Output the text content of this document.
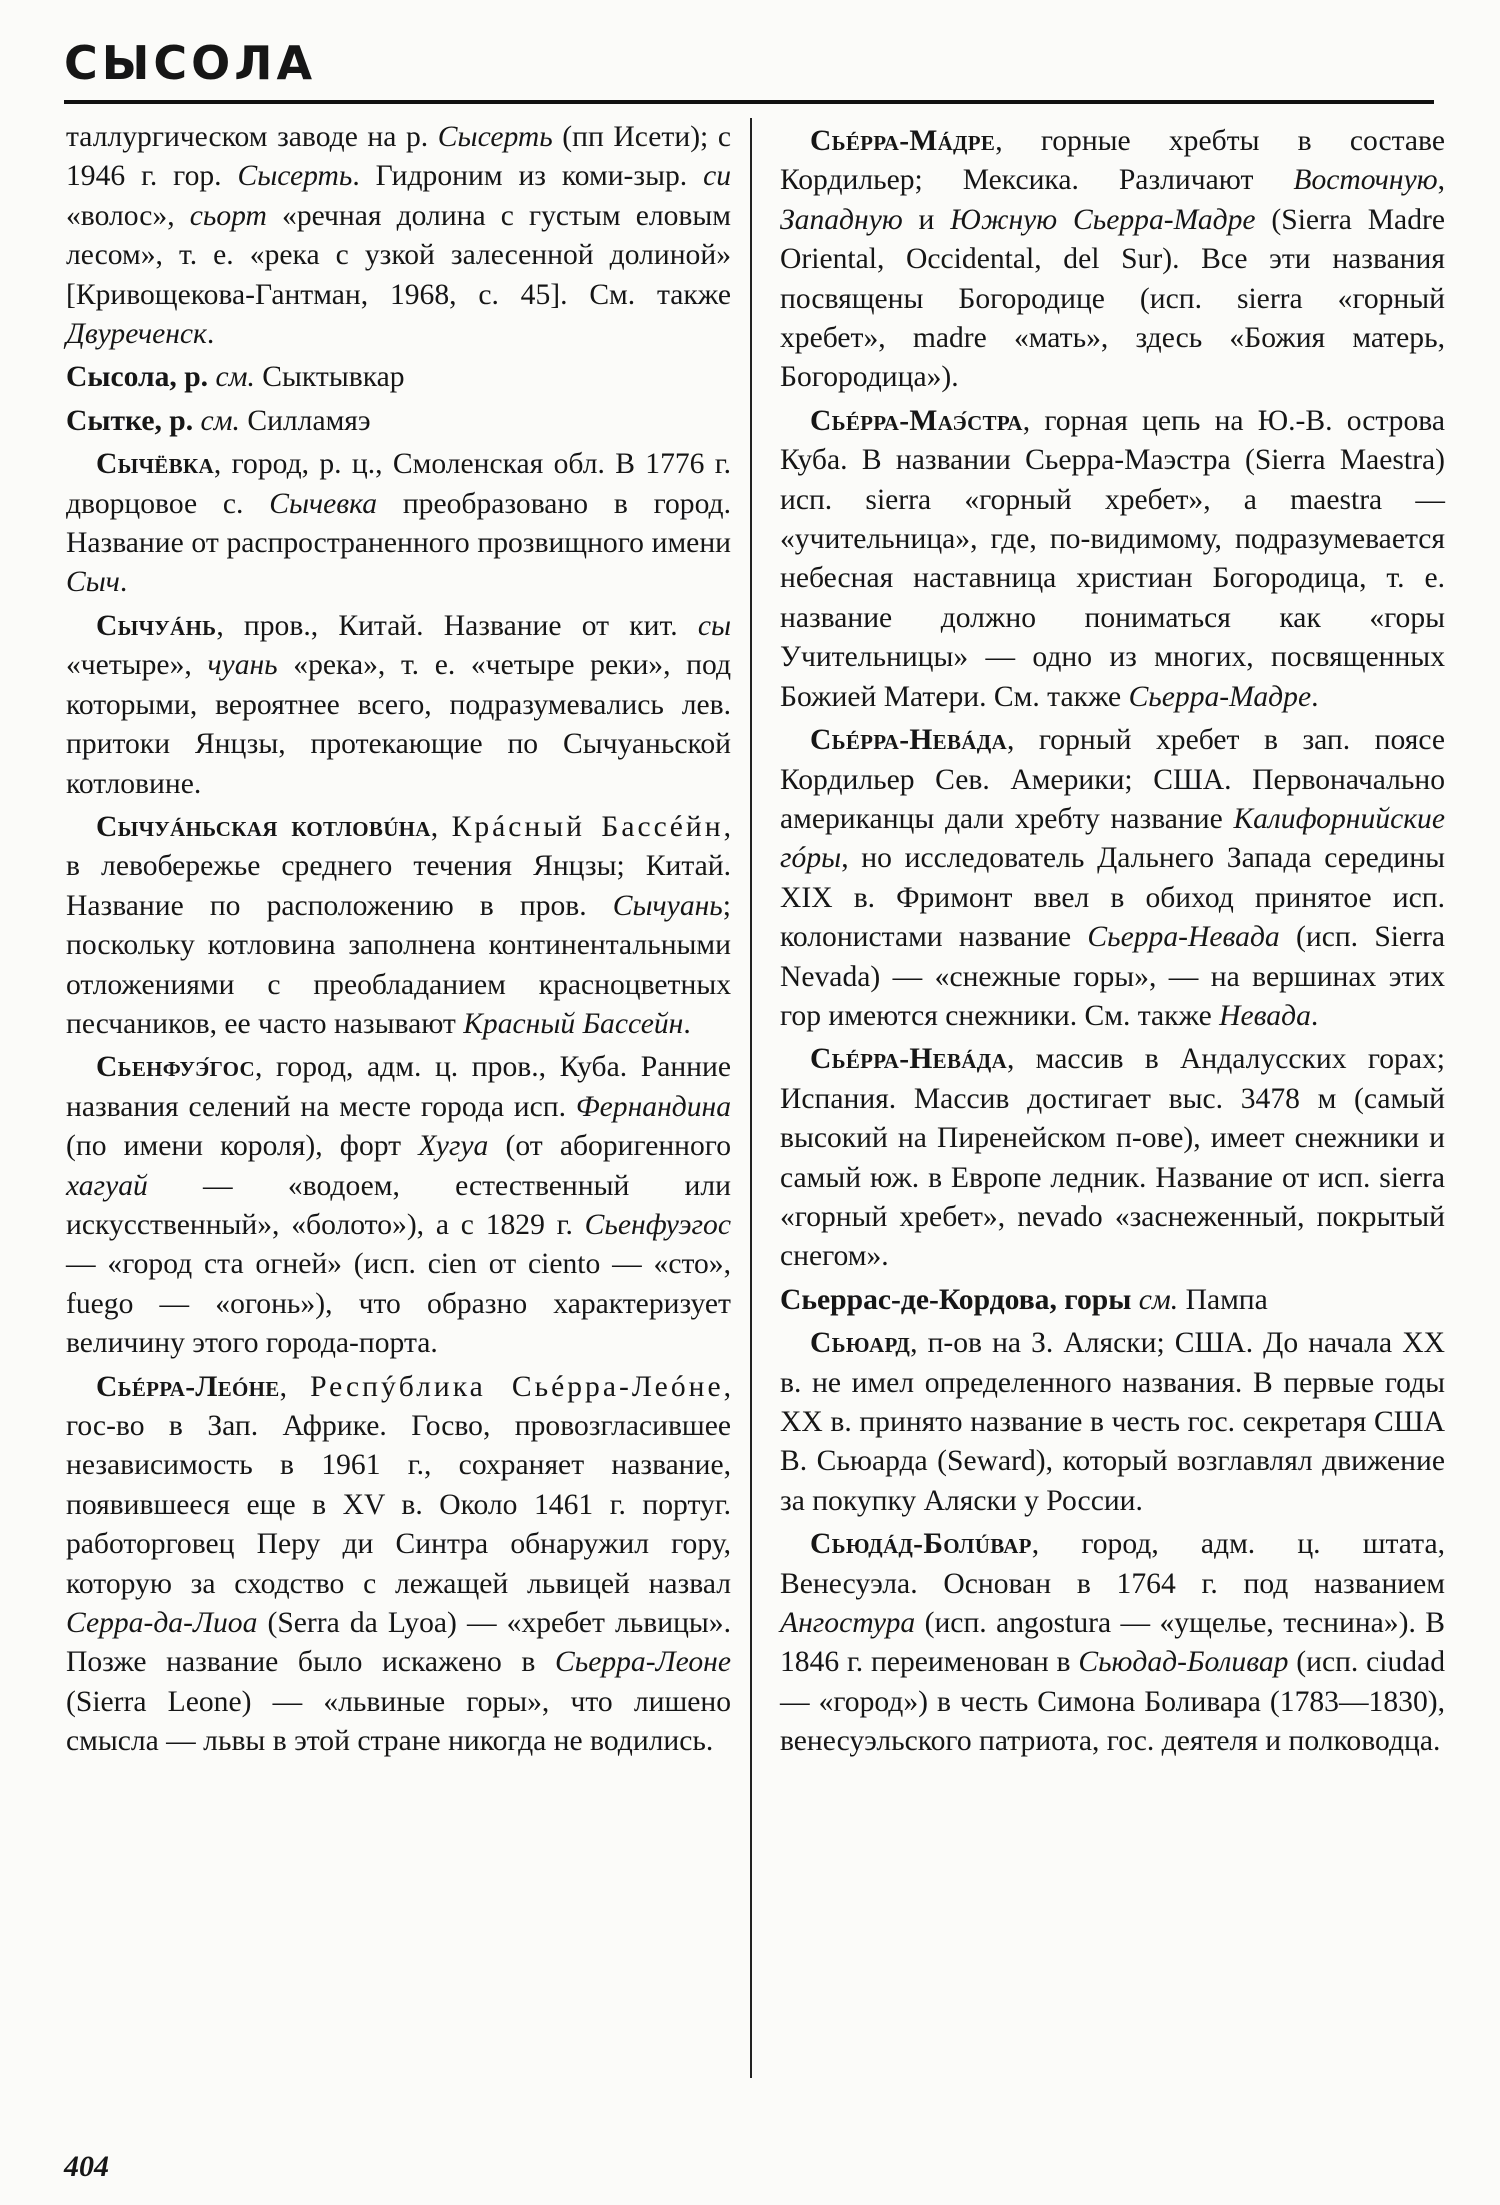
СЫСОЛА

таллургическом заводе на р. Сысерть (пп Исети); с 1946 г. гор. Сысерть. Гидроним из коми-зыр. си «волос», сьорт «речная долина с густым еловым лесом», т. е. «река с узкой залесенной долиной» [Кривощекова-Гантман, 1968, с. 45]. См. также Двуреченск.

Сысола, р. см. Сыктывкар

Сытке, р. см. Силламяэ

Сычёвка, город, р. ц., Смоленская обл. В 1776 г. дворцовое с. Сычевка преобразовано в город. Название от распространенного прозвищного имени Сыч.

Сычуáнь, пров., Китай. Название от кит. сы «четыре», чуань «река», т. е. «четыре реки», под которыми, вероятнее всего, подразумевались лев. притоки Янцзы, протекающие по Сычуаньской котловине.

Сычуáньская котловúна, Крáсный Бассéйн, в левобережье среднего течения Янцзы; Китай. Название по расположению в пров. Сычуань; поскольку котловина заполнена континентальными отложениями с преобладанием красноцветных песчаников, ее часто называют Красный Бассейн.

Сьенфуэ́гос, город, адм. ц. пров., Куба. Ранние названия селений на месте города исп. Фернандина (по имени короля), форт Хугуа (от аборигенного хагуай — «водоем, естественный или искусственный», «болото»), а с 1829 г. Сьенфуэгос — «город ста огней» (исп. cien от ciento — «сто», fuego — «огонь»), что образно характеризует величину этого города-порта.

Сьéрра-Леóне, Респýблика Сьéрра-Леóне, гос-во в Зап. Африке. Госво, провозгласившее независимость в 1961 г., сохраняет название, появившееся еще в XV в. Около 1461 г. португ. работорговец Перу ди Синтра обнаружил гору, которую за сходство с лежащей львицей назвал Серра-да-Лиоа (Serra da Lyoa) — «хребет львицы». Позже название было искажено в Сьерра-Леоне (Sierra Leone) — «львиные горы», что лишено смысла — львы в этой стране никогда не водились.

Сьéрра-Мáдре, горные хребты в составе Кордильер; Мексика. Различают Восточную, Западную и Южную Сьерра-Мадре (Sierra Madre Oriental, Occidental, del Sur). Все эти названия посвящены Богородице (исп. sierra «горный хребет», madre «мать», здесь «Божия матерь, Богородица»).

Сьéрра-Маэ́стра, горная цепь на Ю.-В. острова Куба. В названии Сьерра-Маэстра (Sierra Maestra) исп. sierra «горный хребет», а maestra — «учительница», где, по-видимому, подразумевается небесная наставница христиан Богородица, т. е. название должно пониматься как «горы Учительницы» — одно из многих, посвященных Божией Матери. См. также Сьерра-Мадре.

Сьéрра-Невáда, горный хребет в зап. поясе Кордильер Сев. Америки; США. Первоначально американцы дали хребту название Калифорнийские гóры, но исследователь Дальнего Запада середины XIX в. Фримонт ввел в обиход принятое исп. колонистами название Сьерра-Невада (исп. Sierra Nevada) — «снежные горы», — на вершинах этих гор имеются снежники. См. также Невада.

Сьéрра-Невáда, массив в Андалусских горах; Испания. Массив достигает выс. 3478 м (самый высокий на Пиренейском п-ове), имеет снежники и самый юж. в Европе ледник. Название от исп. sierra «горный хребет», nevado «заснеженный, покрытый снегом».

Сьеррас-де-Кордова, горы см. Пампа

Сьюард, п-ов на З. Аляски; США. До начала XX в. не имел определенного названия. В первые годы XX в. принято название в честь гос. секретаря США В. Сьюарда (Seward), который возглавлял движение за покупку Аляски у России.

Сьюдáд-Болúвар, город, адм. ц. штата, Венесуэла. Основан в 1764 г. под названием Ангостура (исп. angostura — «ущелье, теснина»). В 1846 г. переименован в Сьюдад-Боливар (исп. ciudad — «город») в честь Симона Боливара (1783—1830), венесуэльского патриота, гос. деятеля и полководца.

404
